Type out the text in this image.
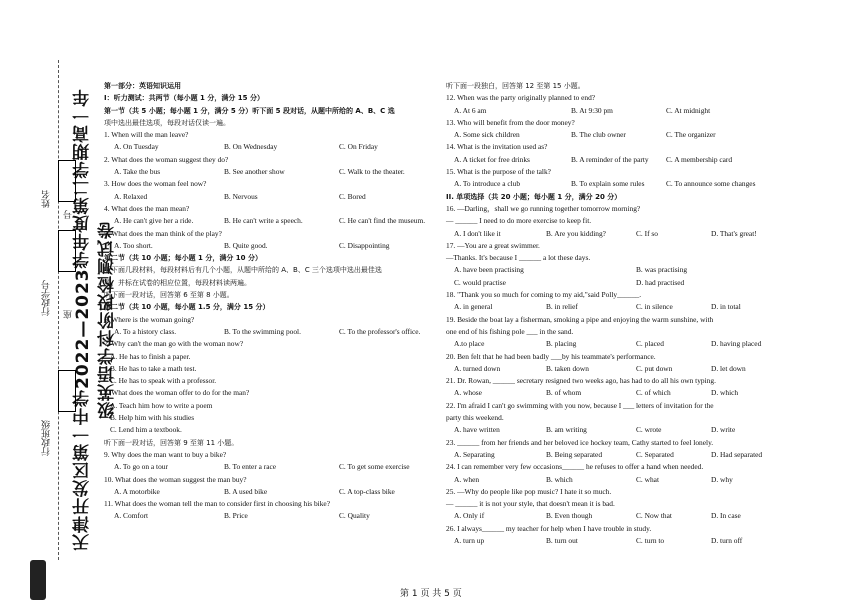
天津开发区第一中学2022—2023学年度第二学期高一年级英语学科阶段检测试卷
行政班级
座
行政学号
姓名
号
第一部分：英语知识运用
I：听力测试：共两节（每小题 1 分，满分 15 分）
第一节（共 5 小题；每小题 1 分，满分 5 分）听下面 5 段对话，从题中所给的 A、B、C 选
项中选出最佳选项，每段对话仅读一遍。
1. When will the man leave?
A. On Tuesday	B. On Wednesday	C. On Friday
2. What does the woman suggest they do?
A. Take the bus	B. See another show	C. Walk to the theater.
3. How does the woman feel now?
A. Relaxed	B. Nervous	C. Bored
4. What does the man mean?
A. He can't give her a ride.	B. He can't write a speech.	C. He can't find the museum.
5. What does the man think of the play?
A. Too short.	B. Quite good.	C. Disappointing
第二节（共 10 小题；每小题 1 分，满分 10 分）
听下面几段材料，每段材料后有几个小题，从题中所给的 A、B、C 三个选项中选出最佳选
项，并标在试卷的相应位置，每段材料读两遍。
听下面一段对话，回答第 6 至第 8 小题。
第二节（共 10 小题，每小题 1.5 分，满分 15 分）
6. Where is the woman going?
A. To a history class.	B. To the swimming pool.	C. To the professor's office.
7. Why can't the man go with the woman now?
A. He has to finish a paper.
B. He has to take a math test.
C. He has to speak with a professor.
8. What does the woman offer to do for the man?
A. Teach him how to write a poem
B. Help him with his studies
C. Lend him a textbook.
听下面一段对话，回答第 9 至第 11 小题。
9. Why does the man want to buy a bike?
A. To go on a tour	B. To enter a race	C. To get some exercise
10. What does the woman suggest the man buy?
A. A motorbike	B. A used bike	C. A top-class bike
11. What does the woman tell the man to consider first in choosing his bike?
A. Comfort	B. Price	C. Quality
听下面一段独白，回答第 12 至第 15 小题。
12. When was the party originally planned to end?
A. At 6 am	B. At 9:30 pm	C. At midnight
13. Who will benefit from the door money?
A. Some sick children	B. The club owner	C. The organizer
14. What is the invitation used as?
A. A ticket for free drinks	B. A reminder of the party C. A membership card
15. What is the purpose of the talk?
A. To introduce a club	B. To explain some rules	C. To announce some changes
II. 单项选择（共 20 小题；每小题 1 分，满分 20 分）
16. —Darling，shall we go running together tomorrow morning?
— ______ I need to do more exercise to keep fit.
A. I don't like it	B. Are you kidding?	C. If so	D. That's great!
17. —You are a great swimmer.
—Thanks. It's because I ______ a lot these days.
A. have been practising	B. was practising
C. would practise	D. had practised
18. "Thank you so much for coming to my aid,"said Polly______.
A. in general	B. in relief	C. in silence	D. in total
19. Beside the boat lay a fisherman, smoking a pipe and enjoying the warm sunshine, with
one end of his fishing pole ___ in the sand.
A.to place	B. placing	C. placed	D. having placed
20. Ben felt that he had been badly ___by his teammate's performance.
A. turned down	B. taken down	C. put down	D. let down
21. Dr. Rowan, ______ secretary resigned two weeks ago, has had to do all his own typing.
A. whose	B. of whom	C. of which	D. which
22. I'm afraid I can't go swimming with you now, because I ___ letters of invitation for the
party this weekend.
A. have written	B. am writing	C. wrote	D. write
23. ______ from her friends and her beloved ice hockey team, Cathy started to feel lonely.
A. Separating	B. Being separated	C. Separated	D. Had separated
24. I can remember very few occasions______ he refuses to offer a hand when needed.
A. when	B. which	C. what	D. why
25. —Why do people like pop music? I hate it so much.
— ______ it is not your style, that doesn't mean it is bad.
A. Only if	B. Even though	C. Now that	D. In case
26. I always______ my teacher for help when I have trouble in study.
A. turn up	B. turn out	C. turn to	D. turn off
第 1 页 共 5 页
